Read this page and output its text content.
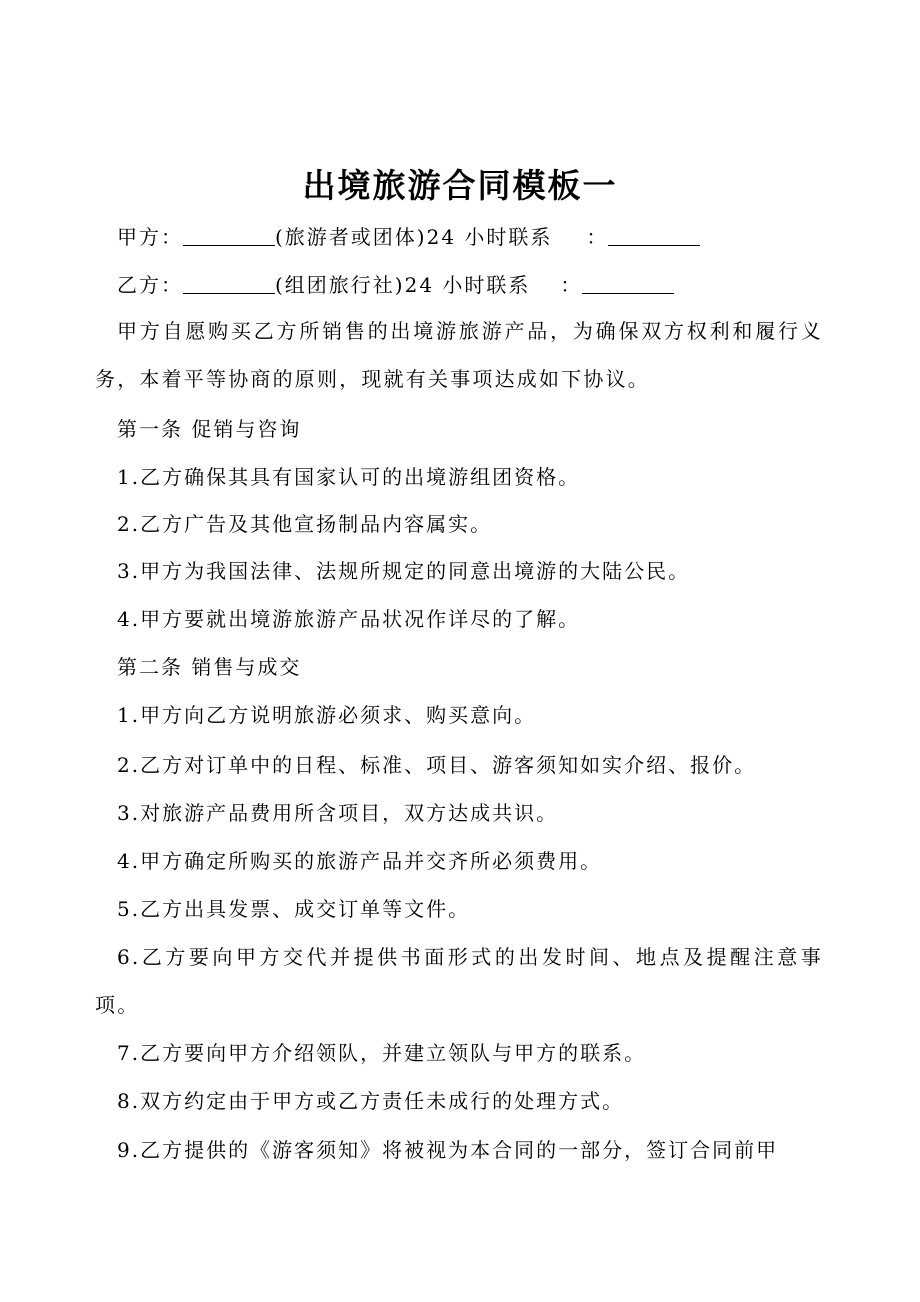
出境旅游合同模板一
甲方：	(旅游者或团体)24 小时联系 ：
乙方：	(组团旅行社)24 小时联系 ：
甲方自愿购买乙方所销售的出境游旅游产品，为确保双方权利和履行义务，本着平等协商的原则，现就有关事项达成如下协议。
第一条 促销与咨询
1.乙方确保其具有国家认可的出境游组团资格。
2.乙方广告及其他宣扬制品内容属实。
3.甲方为我国法律、法规所规定的同意出境游的大陆公民。
4.甲方要就出境游旅游产品状况作详尽的了解。
第二条 销售与成交
1.甲方向乙方说明旅游必须求、购买意向。
2.乙方对订单中的日程、标准、项目、游客须知如实介绍、报价。
3.对旅游产品费用所含项目，双方达成共识。
4.甲方确定所购买的旅游产品并交齐所必须费用。
5.乙方出具发票、成交订单等文件。
6.乙方要向甲方交代并提供书面形式的出发时间、地点及提醒注意事项。
7.乙方要向甲方介绍领队，并建立领队与甲方的联系。
8.双方约定由于甲方或乙方责任未成行的处理方式。
9.乙方提供的《游客须知》将被视为本合同的一部分，签订合同前甲
